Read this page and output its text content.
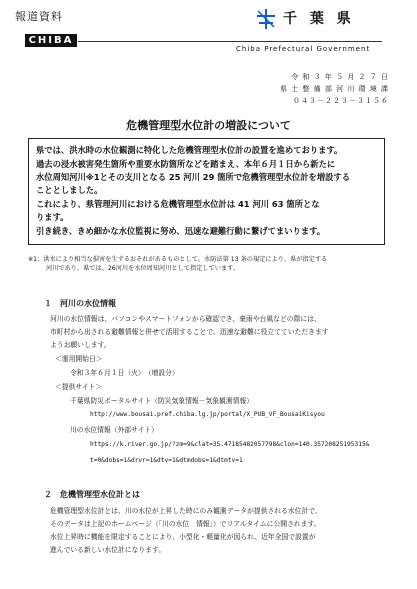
報道資料
CHIBA
千 葉 県
Chiba Prefectural Government
令 和 ３ 年 ５ 月 ２ ７ 日
県 土 整 備 部 河 川 環 境 課
０４３－２２３－３１５６
危機管理型水位計の増設について
県では、洪水時の水位観測に特化した危機管理型水位計の設置を進めております。
過去の浸水被害発生箇所や重要水防箇所などを踏まえ、本年６月１日から新たに
水位周知河川※1とその支川となる 25 河川 29 箇所で危機管理型水位計を増設する
こととしました。
これにより、県管理河川における危機管理型水位計は 41 河川 63 箇所とな
ります。
引き続き、きめ細かな水位監視に努め、迅速な避難行動に繋げてまいります。
※1：洪水により相当な損害を生ずるおそれがあるものとして、水防法第 13 条の規定により、県が指定する
河川であり、県では、26河川を水位周知河川として指定しています。
１　河川の水位情報
河川の水位情報は、パソコンやスマートフォンから確認でき、豪雨や台風などの際には、
市町村から出される避難情報と併せて活用することで、迅速な避難に役立てていただきます
ようお願いします。
＜運用開始日＞
令和３年６月１日（火）　（増設分）
＜提供サイト＞
千葉県防災ポータルサイト（防災気象情報－気象観測情報）
http://www.bousai.pref.chiba.lg.jp/portal/X_PUB_VF_BousaiKisyou
川の水位情報（外部サイト）
https://k.river.go.jp/?zm=9&clat=35.47185482057798&clon=140.35720825195315&
t=0&dobs=1&drvr=1&dtv=1&dtmdobs=1&dtmtv=1
２　危機管理型水位計とは
危機管理型水位計とは、川の水位が上昇した時にのみ観測データが提供される水位計で、
そのデータは上記のホームページ（「川の水位　情報」）でリアルタイムに公開されます。
水位上昇時に機能を限定することにより、小型化・軽量化が図られ、近年全国で設置が
進んでいる新しい水位計になります。
